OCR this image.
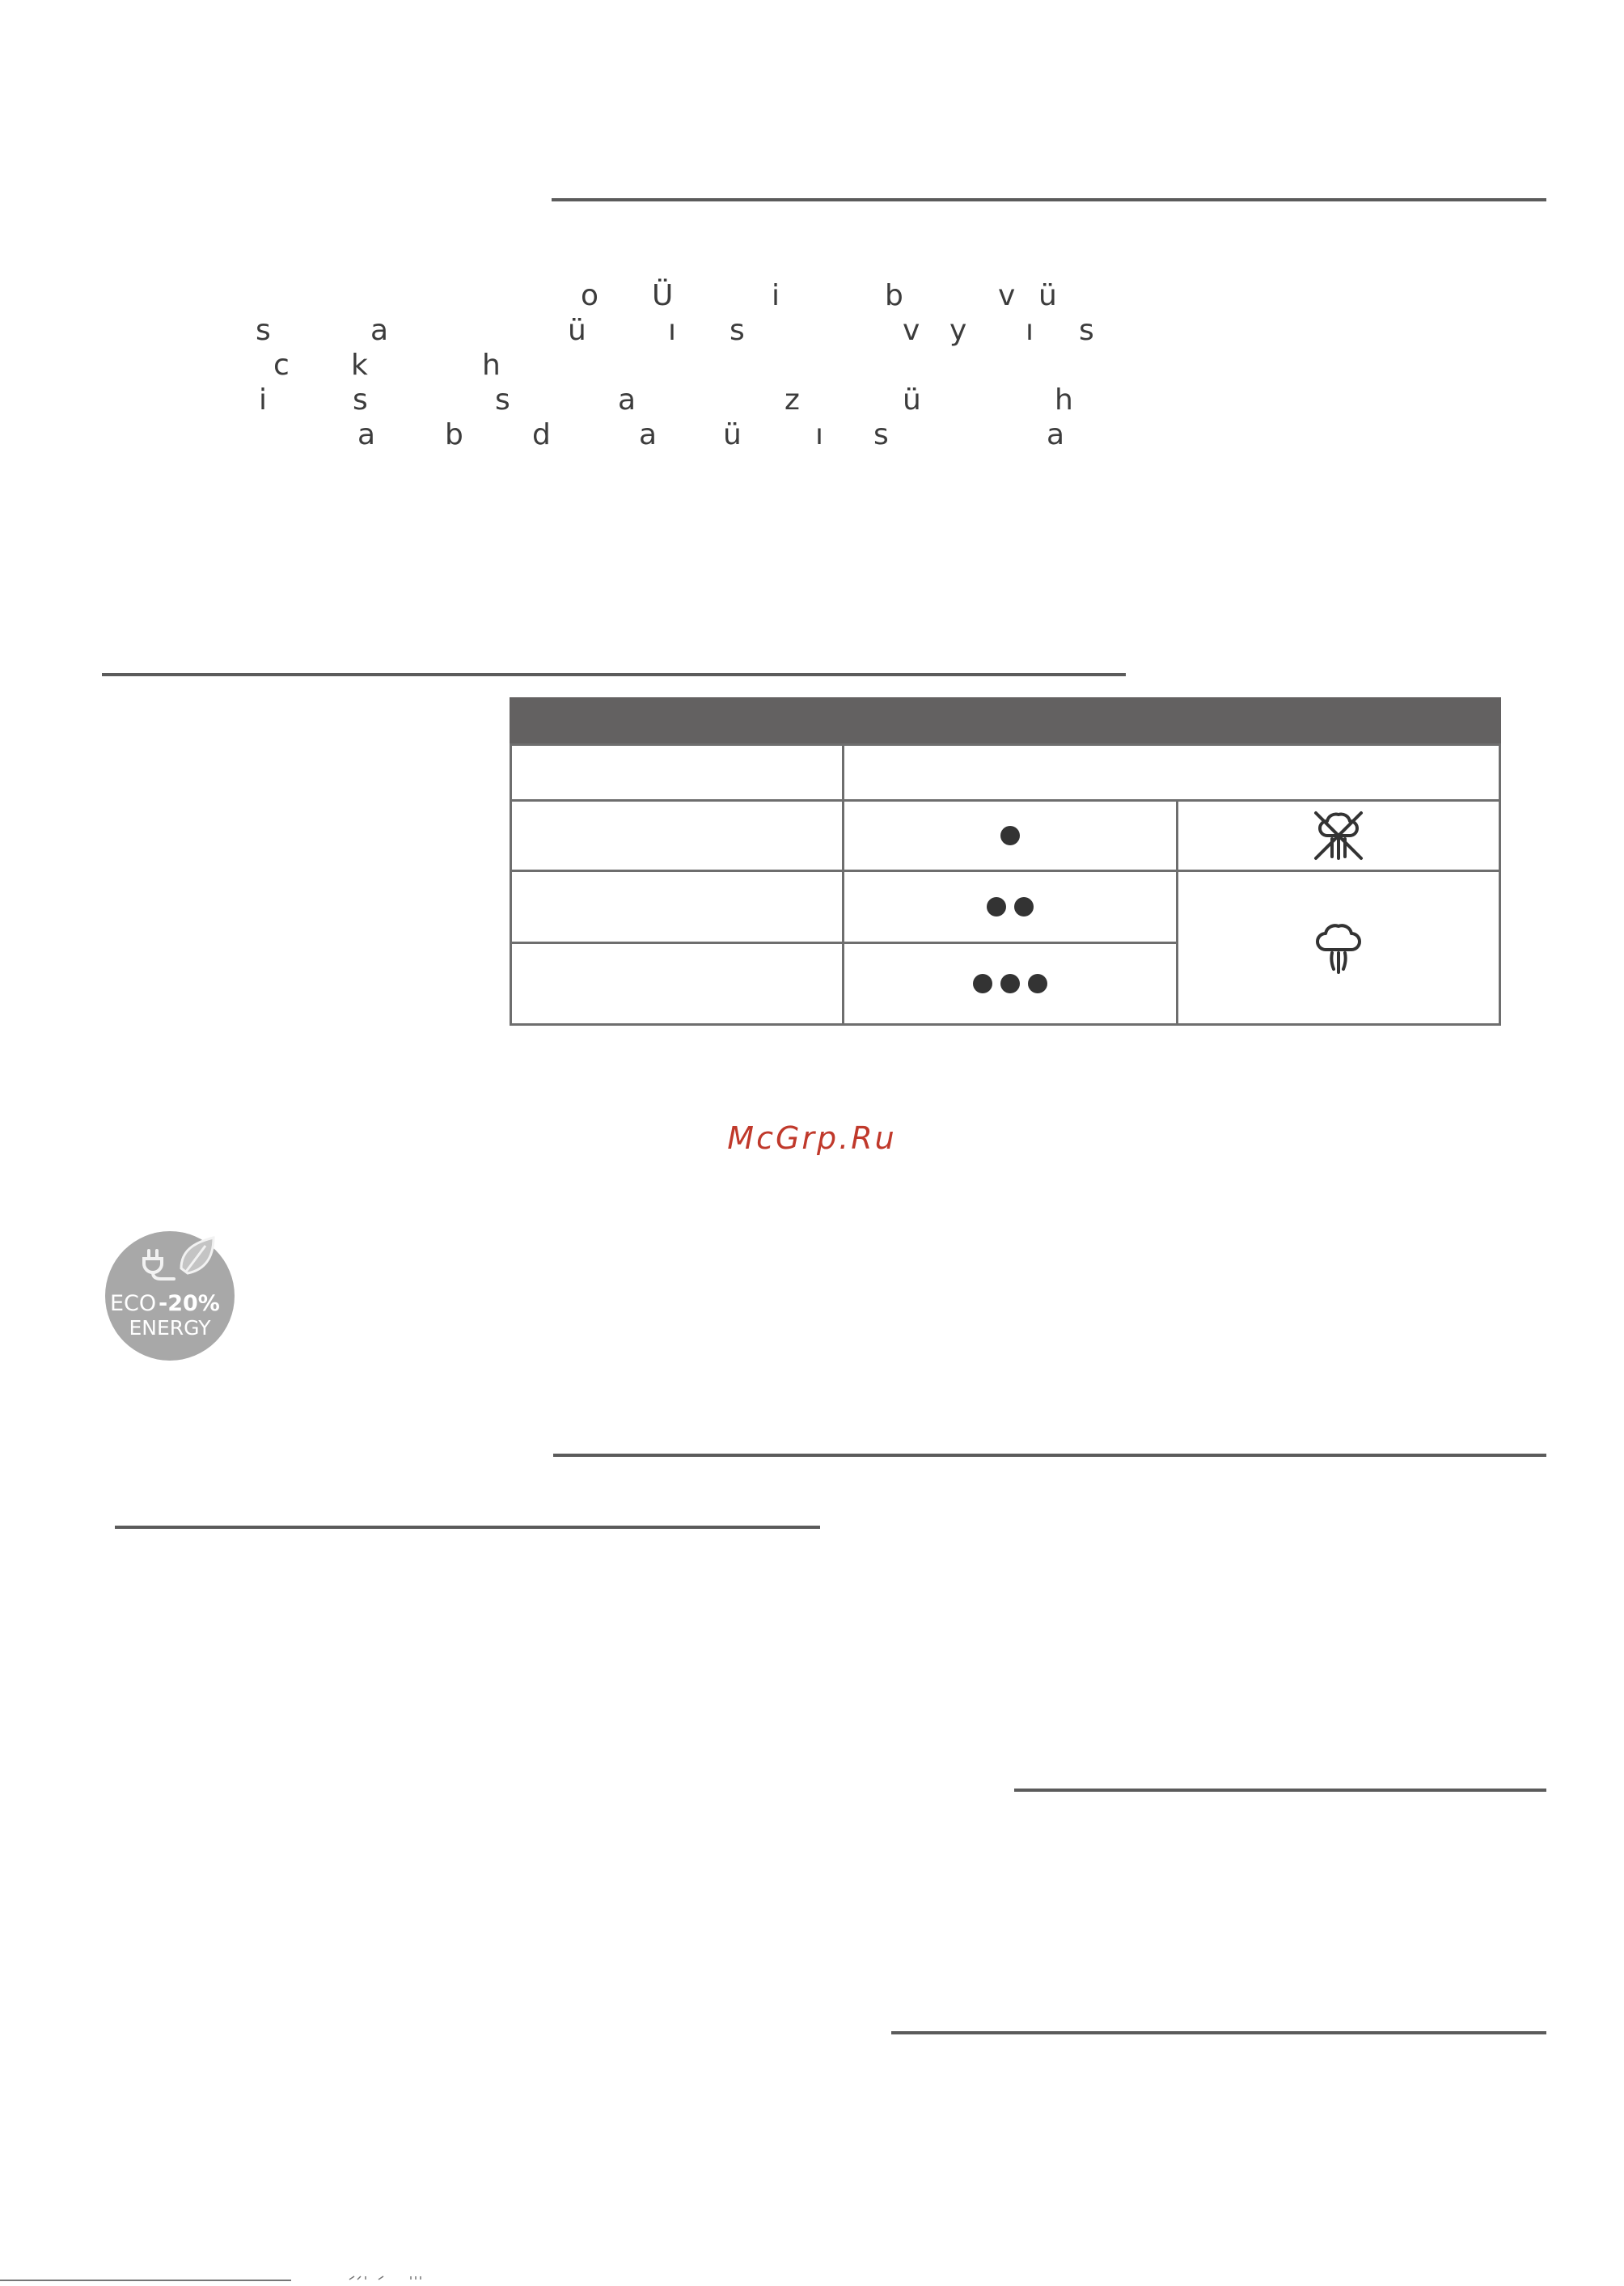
o Ü	i	b	v ü
s	a	ü	ı s	v y ı s
c k	h
i	s	s	a	z	ü	h
a b d	a ü	ı s	a
McGrp.Ru
ECO -20%
ENERGY
